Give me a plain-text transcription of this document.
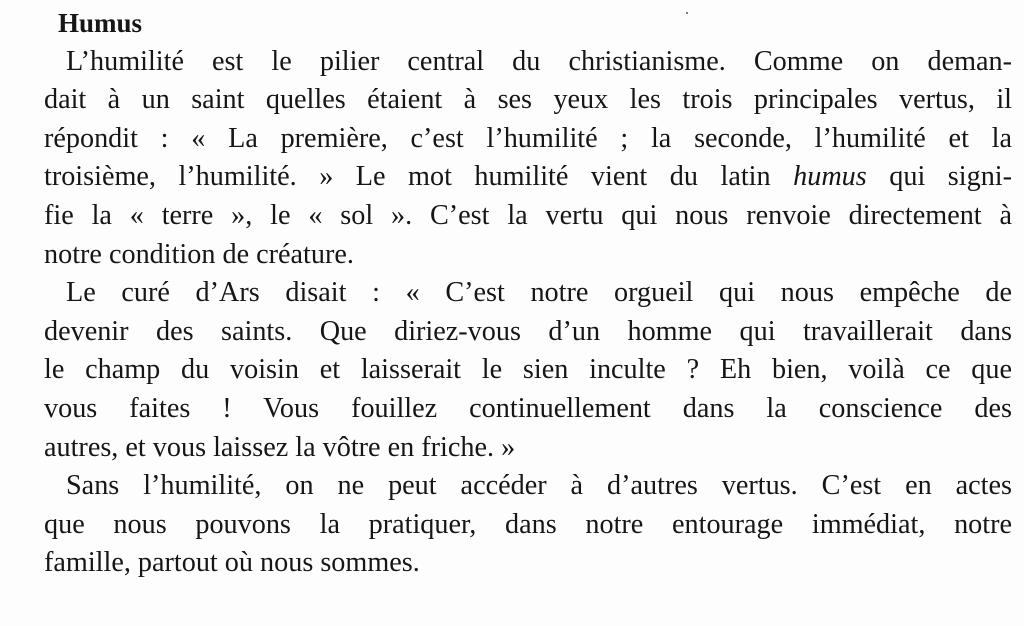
Humus
L’humilité est le pilier central du christianisme. Comme on deman-
dait à un saint quelles étaient à ses yeux les trois principales vertus, il
répondit : « La première, c’est l’humilité ; la seconde, l’humilité et la
troisième, l’humilité. » Le mot humilité vient du latin humus qui signi-
fie la « terre », le « sol ». C’est la vertu qui nous renvoie directement à
notre condition de créature.
Le curé d’Ars disait : « C’est notre orgueil qui nous empêche de
devenir des saints. Que diriez-vous d’un homme qui travaillerait dans
le champ du voisin et laisserait le sien inculte ? Eh bien, voilà ce que
vous faites ! Vous fouillez continuellement dans la conscience des
autres, et vous laissez la vôtre en friche. »
Sans l’humilité, on ne peut accéder à d’autres vertus. C’est en actes
que nous pouvons la pratiquer, dans notre entourage immédiat, notre
famille, partout où nous sommes.
